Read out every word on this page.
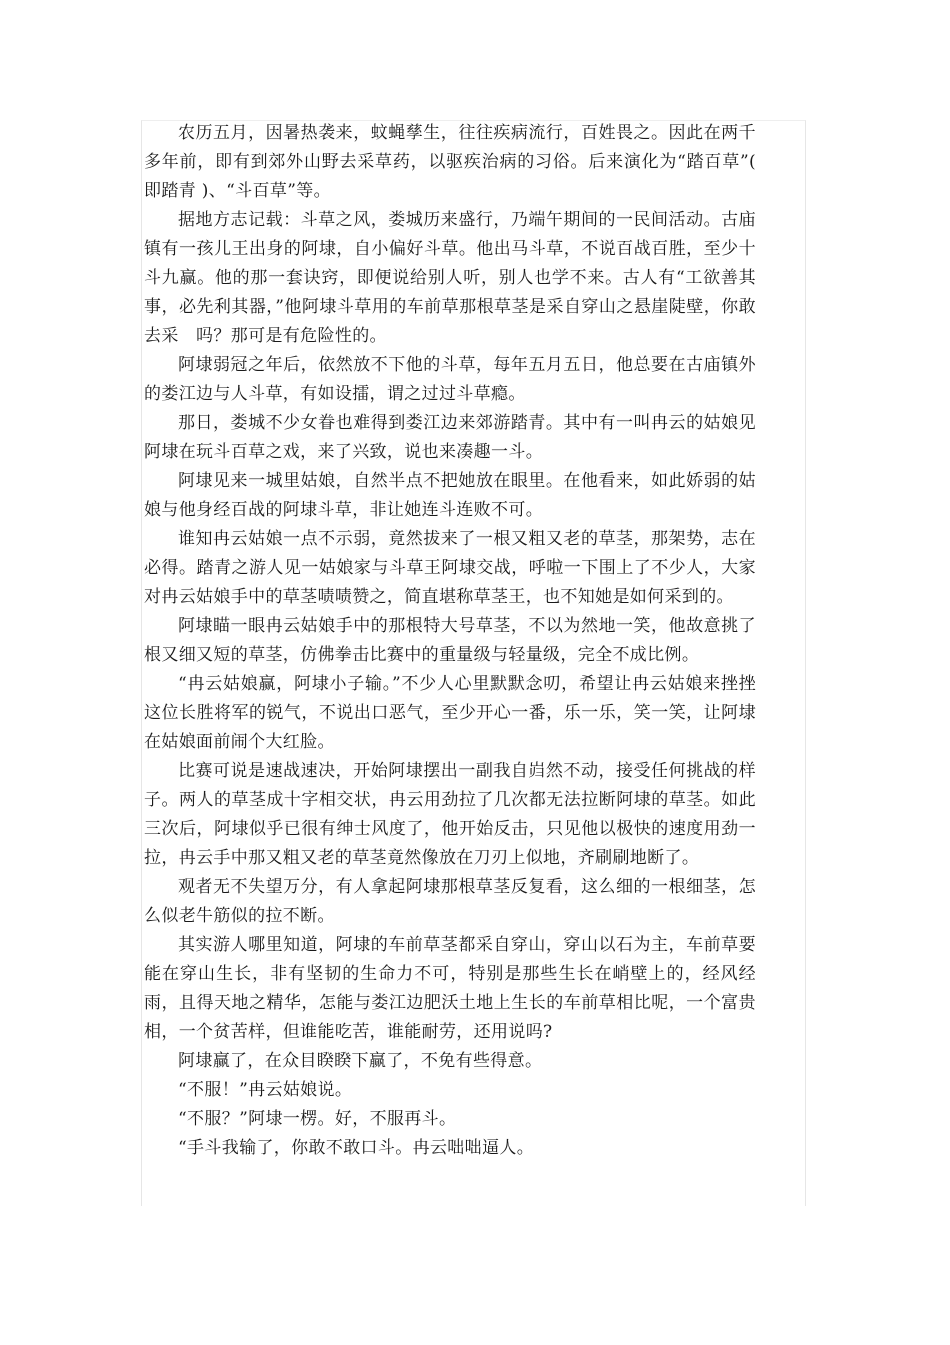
农历五月，因暑热袭来，蚊蝇孳生，往往疾病流行，百姓畏之。因此在两千多年前，即有到郊外山野去采草药，以驱疾治病的习俗。后来演化为“踏百草”( 即踏青 )、“斗百草”等。

据地方志记载：斗草之风，娄城历来盛行，乃端午期间的一民间活动。古庙镇有一孩儿王出身的阿埭，自小偏好斗草。他出马斗草，不说百战百胜，至少十斗九赢。他的那一套诀窍，即便说给别人听，别人也学不来。古人有“工欲善其事，必先利其器，”他阿埭斗草用的车前草那根草茎是采自穿山之悬崖陡壁，你敢去采　吗？那可是有危险性的。

阿埭弱冠之年后，依然放不下他的斗草，每年五月五日，他总要在古庙镇外的娄江边与人斗草，有如设擂，谓之过过斗草瘾。

那日，娄城不少女眷也难得到娄江边来郊游踏青。其中有一叫冉云的姑娘见阿埭在玩斗百草之戏，来了兴致，说也来凑趣一斗。

阿埭见来一城里姑娘，自然半点不把她放在眼里。在他看来，如此娇弱的姑娘与他身经百战的阿埭斗草，非让她连斗连败不可。

谁知冉云姑娘一点不示弱，竟然拔来了一根又粗又老的草茎，那架势，志在必得。踏青之游人见一姑娘家与斗草王阿埭交战，呼啦一下围上了不少人，大家对冉云姑娘手中的草茎啧啧赞之，简直堪称草茎王，也不知她是如何采到的。

阿埭瞄一眼冉云姑娘手中的那根特大号草茎，不以为然地一笑，他故意挑了根又细又短的草茎，仿佛拳击比赛中的重量级与轻量级，完全不成比例。

“冉云姑娘赢，阿埭小子输。”不少人心里默默念叨，希望让冉云姑娘来挫挫这位长胜将军的锐气，不说出口恶气，至少开心一番，乐一乐，笑一笑，让阿埭在姑娘面前闹个大红脸。

比赛可说是速战速决，开始阿埭摆出一副我自岿然不动，接受任何挑战的样子。两人的草茎成十字相交状，冉云用劲拉了几次都无法拉断阿埭的草茎。如此三次后，阿埭似乎已很有绅士风度了，他开始反击，只见他以极快的速度用劲一拉，冉云手中那又粗又老的草茎竟然像放在刀刃上似地，齐刷刷地断了。

观者无不失望万分，有人拿起阿埭那根草茎反复看，这么细的一根细茎，怎么似老牛筋似的拉不断。

其实游人哪里知道，阿埭的车前草茎都采自穿山，穿山以石为主，车前草要能在穿山生长，非有坚韧的生命力不可，特别是那些生长在峭壁上的，经风经雨，且得天地之精华，怎能与娄江边肥沃土地上生长的车前草相比呢，一个富贵相，一个贫苦样，但谁能吃苦，谁能耐劳，还用说吗?

阿埭赢了，在众目睽睽下赢了，不免有些得意。

“不服！”冉云姑娘说。

“不服？”阿埭一楞。好，不服再斗。

“手斗我输了，你敢不敢口斗。冉云咄咄逼人。
